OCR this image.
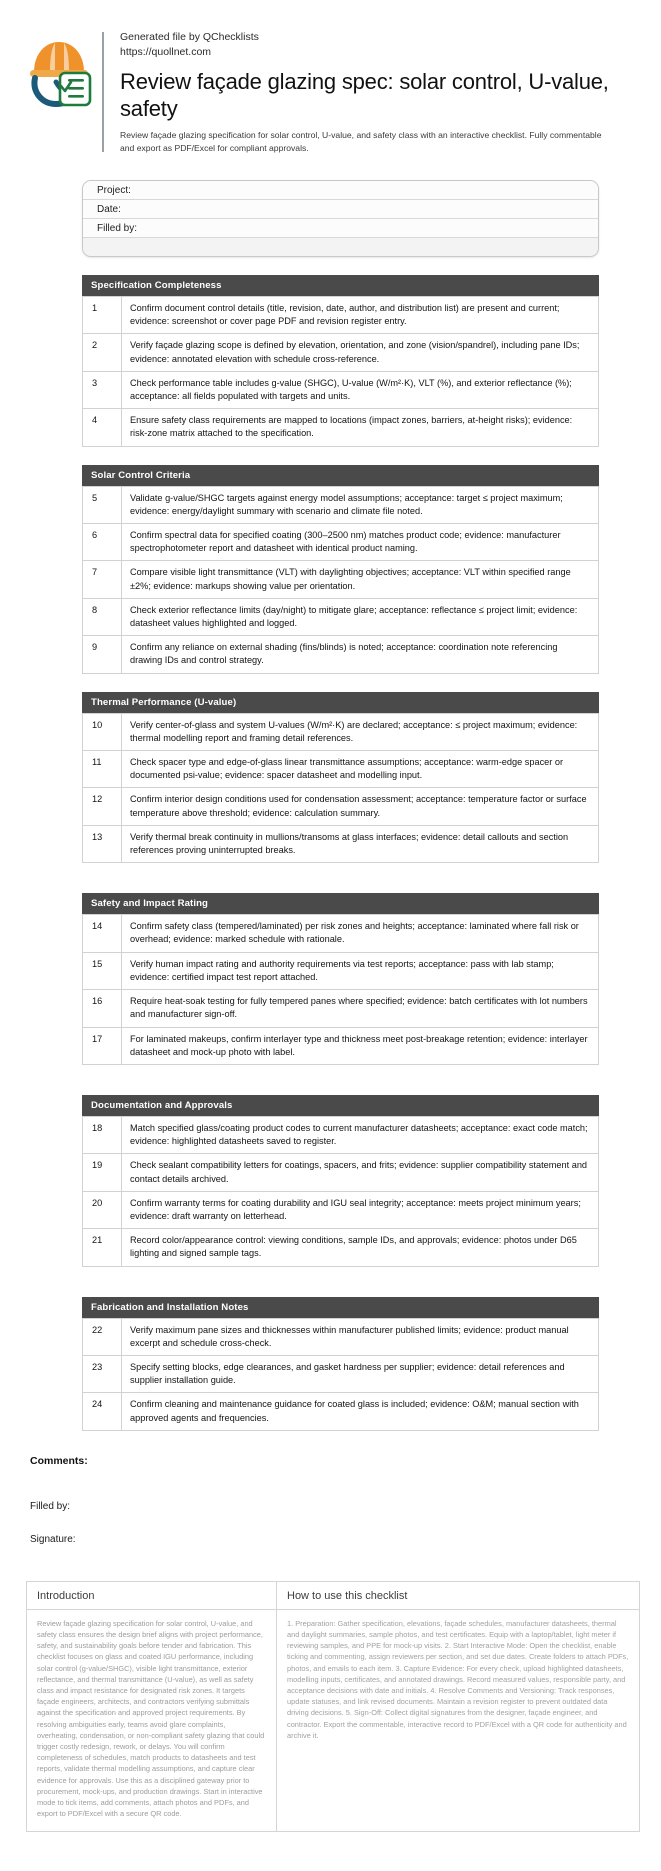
Generated file by QChecklists
https://quollnet.com
Review façade glazing spec: solar control, U-value, safety
Review façade glazing specification for solar control, U-value, and safety class with an interactive checklist. Fully commentable and export as PDF/Excel for compliant approvals.
Project:
Date:
Filled by:
Specification Completeness
1	Confirm document control details (title, revision, date, author, and distribution list) are present and current; evidence: screenshot or cover page PDF and revision register entry.
2	Verify façade glazing scope is defined by elevation, orientation, and zone (vision/spandrel), including pane IDs; evidence: annotated elevation with schedule cross-reference.
3	Check performance table includes g-value (SHGC), U-value (W/m²·K), VLT (%), and exterior reflectance (%); acceptance: all fields populated with targets and units.
4	Ensure safety class requirements are mapped to locations (impact zones, barriers, at-height risks); evidence: risk-zone matrix attached to the specification.
Solar Control Criteria
5	Validate g-value/SHGC targets against energy model assumptions; acceptance: target ≤ project maximum; evidence: energy/daylight summary with scenario and climate file noted.
6	Confirm spectral data for specified coating (300–2500 nm) matches product code; evidence: manufacturer spectrophotometer report and datasheet with identical product naming.
7	Compare visible light transmittance (VLT) with daylighting objectives; acceptance: VLT within specified range ±2%; evidence: markups showing value per orientation.
8	Check exterior reflectance limits (day/night) to mitigate glare; acceptance: reflectance ≤ project limit; evidence: datasheet values highlighted and logged.
9	Confirm any reliance on external shading (fins/blinds) is noted; acceptance: coordination note referencing drawing IDs and control strategy.
Thermal Performance (U-value)
10	Verify center-of-glass and system U-values (W/m²·K) are declared; acceptance: ≤ project maximum; evidence: thermal modelling report and framing detail references.
11	Check spacer type and edge-of-glass linear transmittance assumptions; acceptance: warm-edge spacer or documented psi-value; evidence: spacer datasheet and modelling input.
12	Confirm interior design conditions used for condensation assessment; acceptance: temperature factor or surface temperature above threshold; evidence: calculation summary.
13	Verify thermal break continuity in mullions/transoms at glass interfaces; evidence: detail callouts and section references proving uninterrupted breaks.
Safety and Impact Rating
14	Confirm safety class (tempered/laminated) per risk zones and heights; acceptance: laminated where fall risk or overhead; evidence: marked schedule with rationale.
15	Verify human impact rating and authority requirements via test reports; acceptance: pass with lab stamp; evidence: certified impact test report attached.
16	Require heat-soak testing for fully tempered panes where specified; evidence: batch certificates with lot numbers and manufacturer sign-off.
17	For laminated makeups, confirm interlayer type and thickness meet post-breakage retention; evidence: interlayer datasheet and mock-up photo with label.
Documentation and Approvals
18	Match specified glass/coating product codes to current manufacturer datasheets; acceptance: exact code match; evidence: highlighted datasheets saved to register.
19	Check sealant compatibility letters for coatings, spacers, and frits; evidence: supplier compatibility statement and contact details archived.
20	Confirm warranty terms for coating durability and IGU seal integrity; acceptance: meets project minimum years; evidence: draft warranty on letterhead.
21	Record color/appearance control: viewing conditions, sample IDs, and approvals; evidence: photos under D65 lighting and signed sample tags.
Fabrication and Installation Notes
22	Verify maximum pane sizes and thicknesses within manufacturer published limits; evidence: product manual excerpt and schedule cross-check.
23	Specify setting blocks, edge clearances, and gasket hardness per supplier; evidence: detail references and supplier installation guide.
24	Confirm cleaning and maintenance guidance for coated glass is included; evidence: O&M; manual section with approved agents and frequencies.
Comments:
Filled by:
Signature:
Introduction
Review façade glazing specification for solar control, U-value, and safety class ensures the design brief aligns with project performance, safety, and sustainability goals before tender and fabrication. This checklist focuses on glass and coated IGU performance, including solar control (g-value/SHGC), visible light transmittance, exterior reflectance, and thermal transmittance (U-value), as well as safety class and impact resistance for designated risk zones. It targets façade engineers, architects, and contractors verifying submittals against the specification and approved project requirements. By resolving ambiguities early, teams avoid glare complaints, overheating, condensation, or non-compliant safety glazing that could trigger costly redesign, rework, or delays. You will confirm completeness of schedules, match products to datasheets and test reports, validate thermal modelling assumptions, and capture clear evidence for approvals. Use this as a disciplined gateway prior to procurement, mock-ups, and production drawings. Start in interactive mode to tick items, add comments, attach photos and PDFs, and export to PDF/Excel with a secure QR code.
How to use this checklist
1. Preparation: Gather specification, elevations, façade schedules, manufacturer datasheets, thermal and daylight summaries, sample photos, and test certificates. Equip with a laptop/tablet, light meter if reviewing samples, and PPE for mock-up visits. 2. Start Interactive Mode: Open the checklist, enable ticking and commenting, assign reviewers per section, and set due dates. Create folders to attach PDFs, photos, and emails to each item. 3. Capture Evidence: For every check, upload highlighted datasheets, modelling inputs, certificates, and annotated drawings. Record measured values, responsible party, and acceptance decisions with date and initials. 4. Resolve Comments and Versioning: Track responses, update statuses, and link revised documents. Maintain a revision register to prevent outdated data driving decisions. 5. Sign-Off: Collect digital signatures from the designer, façade engineer, and contractor. Export the commentable, interactive record to PDF/Excel with a QR code for authenticity and archive it.
